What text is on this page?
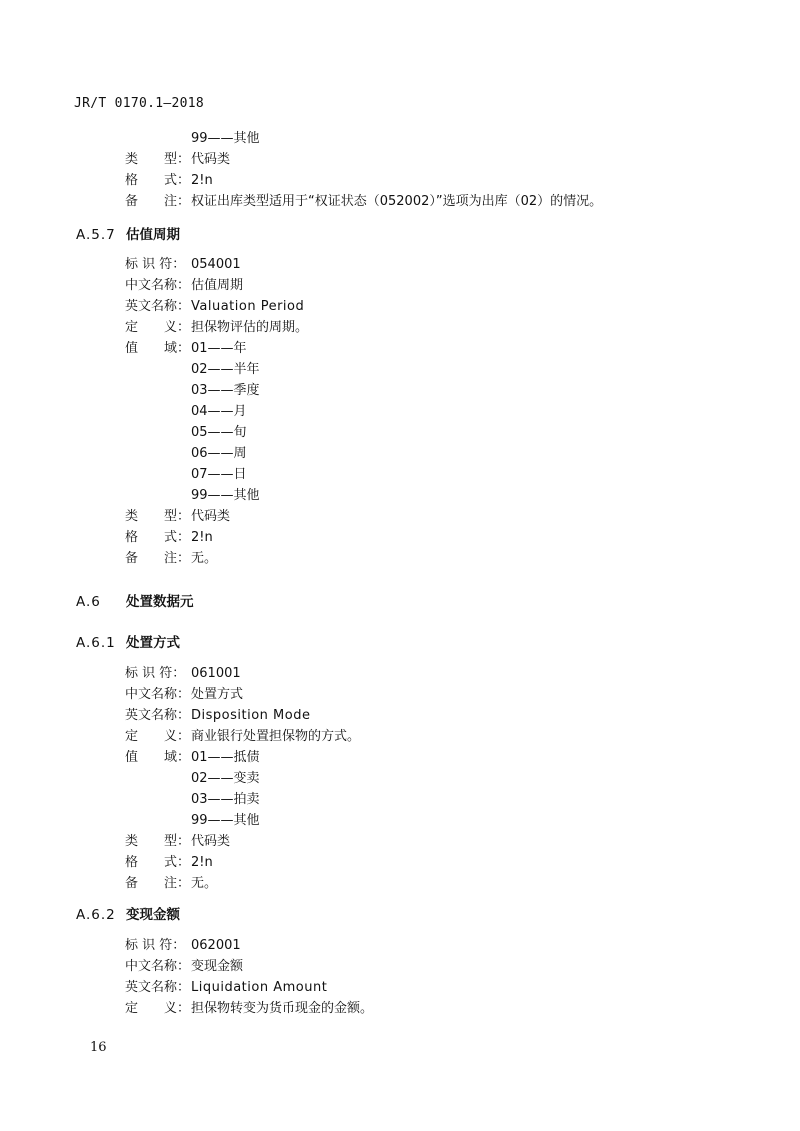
JR/T 0170.1—2018
99——其他
类　　型：代码类
格　　式：2!n
备　　注：权证出库类型适用于“权证状态（052002）”选项为出库（02）的情况。
A.5.7 估值周期
标 识 符： 054001
中文名称：估值周期
英文名称：Valuation Period
定　　义：担保物评估的周期。
值　　域： 01——年
02——半年
03——季度
04——月
05——旬
06——周
07——日
99——其他
类　　型：代码类
格　　式：2!n
备　　注：无。
A.6 处置数据元
A.6.1 处置方式
标 识 符： 061001
中文名称：处置方式
英文名称：Disposition Mode
定　　义：商业银行处置担保物的方式。
值　　域： 01——抵债
02——变卖
03——拍卖
99——其他
类　　型：代码类
格　　式：2!n
备　　注：无。
A.6.2 变现金额
标 识 符： 062001
中文名称：变现金额
英文名称：Liquidation Amount
定　　义：担保物转变为货币现金的金额。
16
